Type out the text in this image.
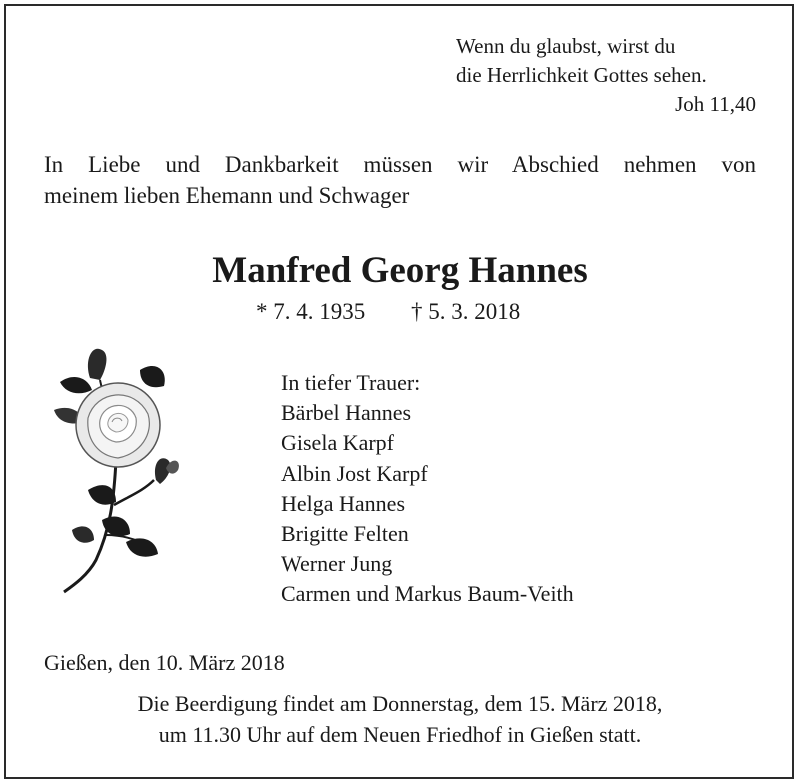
Wenn du glaubst, wirst du
die Herrlichkeit Gottes sehen.
Joh 11,40
In Liebe und Dankbarkeit müssen wir Abschied nehmen von
meinem lieben Ehemann und Schwager
Manfred Georg Hannes
* 7. 4. 1935 † 5. 3. 2018
In tiefer Trauer:
Bärbel Hannes
Gisela Karpf
Albin Jost Karpf
Helga Hannes
Brigitte Felten
Werner Jung
Carmen und Markus Baum-Veith
Gießen, den 10. März 2018
Die Beerdigung findet am Donnerstag, dem 15. März 2018,
um 11.30 Uhr auf dem Neuen Friedhof in Gießen statt.
